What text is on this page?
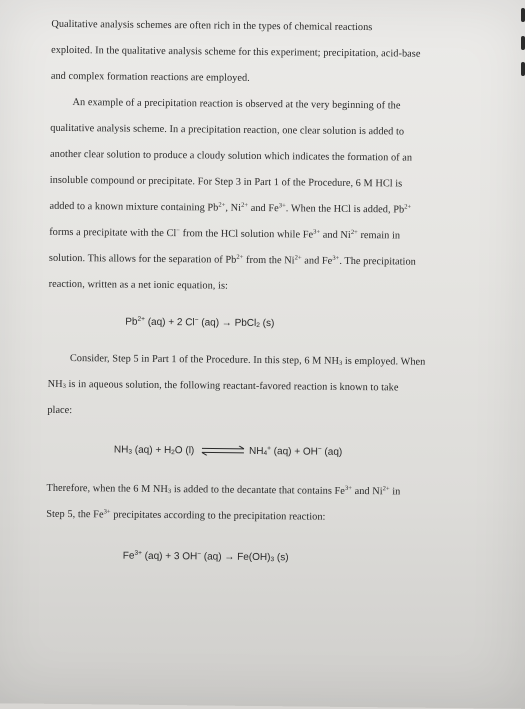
Qualitative analysis schemes are often rich in the types of chemical reactions
exploited. In the qualitative analysis scheme for this experiment; precipitation, acid-base
and complex formation reactions are employed.
An example of a precipitation reaction is observed at the very beginning of the
qualitative analysis scheme. In a precipitation reaction, one clear solution is added to
another clear solution to produce a cloudy solution which indicates the formation of an
insoluble compound or precipitate. For Step 3 in Part 1 of the Procedure, 6 M HCl is
added to a known mixture containing $Pb^{2+}$, $Ni^{2+}$ and $Fe^{3+}$. When the HCl is added, $Pb^{2+}$
forms a precipitate with the Cl− from the HCl solution while $Fe^{3+}$ and $Ni^{2+}$ remain in
solution. This allows for the separation of $Pb^{2+}$ from the $Ni^{2+}$ and $Fe^{3+}$. The precipitation
reaction, written as a net ionic equation, is:
$Pb^{2+}$ (aq) + 2 Cl− (aq) → PbCl$_2$ (s)
Consider, Step 5 in Part 1 of the Procedure. In this step, 6 M $NH_3$ is employed. When
$NH_3$ is in aqueous solution, the following reactant-favored reaction is known to take
place:
$NH_3$ $(aq) + H_2O$ (l)	$NH_4^+$ (aq) + OH− (aq)
Therefore, when the 6 M $NH_3$ is added to the decantate that contains $Fe^{3+}$ and $Ni^{2+}$ in
Step 5, the $Fe^{3+}$ precipitates according to the precipitation reaction:
$Fe^{3+}$ (aq) + 3 OH− $(aq) \to Fe(OH)_3$ (s)
